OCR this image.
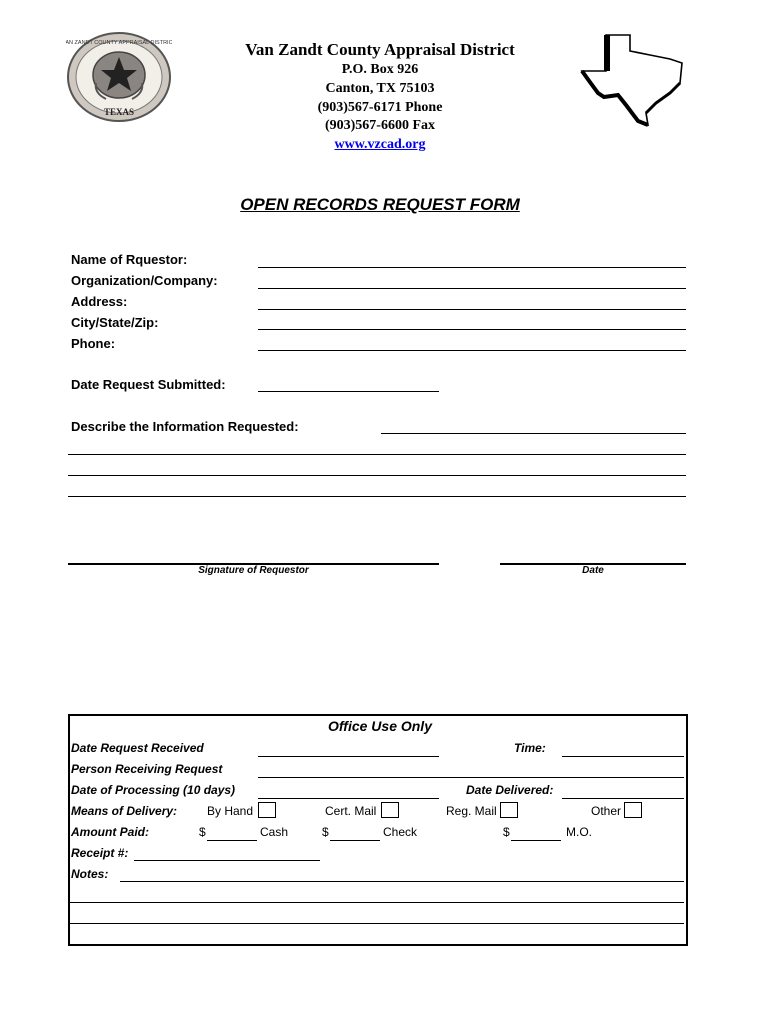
TEXAS
VAN ZANDT COUNTY APPRAISAL DISTRICT	Van Zandt County Appraisal District
P.O. Box 926
Canton, TX 75103
(903)567-6171 Phone
(903)567-6600 Fax
www.vzcad.org
OPEN RECORDS REQUEST FORM
Name of Rquestor:
Organization/Company:
Address:
City/State/Zip:
Phone:
Date Request Submitted:
Describe the Information Requested:
Signature of Requestor	Date
Office Use Only
Date Request Received	Time:
Person Receiving Request
Date of Processing (10 days)	Date Delivered:
Means of Delivery: By Hand	Cert. Mail	Reg. Mail	Other
Amount Paid:	$	Cash	$	Check	$	M.O.
Receipt #:
Notes:
